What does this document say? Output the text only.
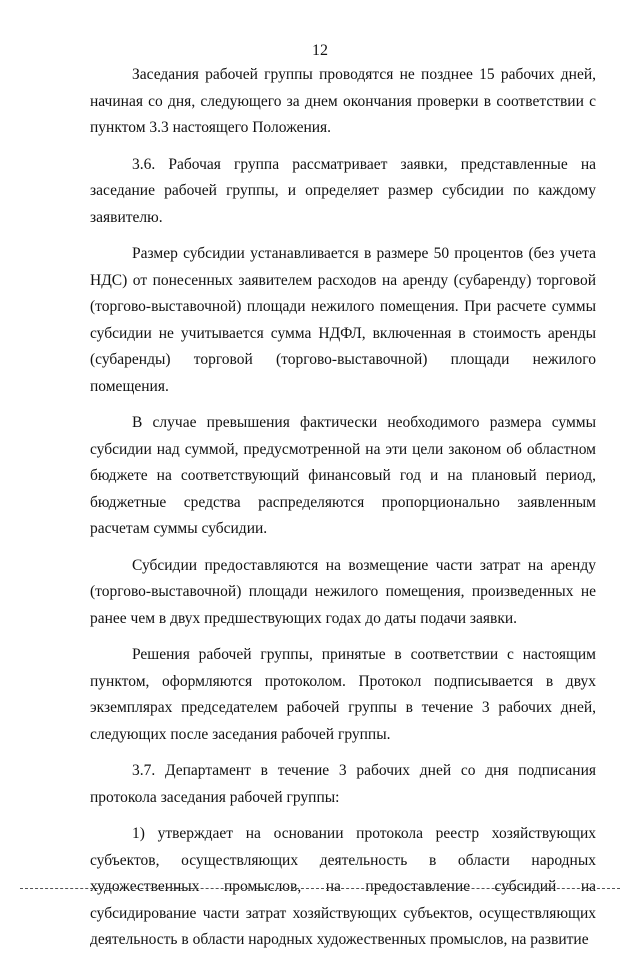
12

Заседания рабочей группы проводятся не позднее 15 рабочих дней, начиная со дня, следующего за днем окончания проверки в соответствии с пунктом 3.3 настоящего Положения.

3.6. Рабочая группа рассматривает заявки, представленные на заседание рабочей группы, и определяет размер субсидии по каждому заявителю.

Размер субсидии устанавливается в размере 50 процентов (без учета НДС) от понесенных заявителем расходов на аренду (субаренду) торговой (торгово-выставочной) площади нежилого помещения. При расчете суммы субсидии не учитывается сумма НДФЛ, включенная в стоимость аренды (субаренды) торговой (торгово-выставочной) площади нежилого помещения.

В случае превышения фактически необходимого размера суммы субсидии над суммой, предусмотренной на эти цели законом об областном бюджете на соответствующий финансовый год и на плановый период, бюджетные средства распределяются пропорционально заявленным расчетам суммы субсидии.

Субсидии предоставляются на возмещение части затрат на аренду (торгово-выставочной) площади нежилого помещения, произведенных не ранее чем в двух предшествующих годах до даты подачи заявки.

Решения рабочей группы, принятые в соответствии с настоящим пунктом, оформляются протоколом. Протокол подписывается в двух экземплярах председателем рабочей группы в течение 3 рабочих дней, следующих после заседания рабочей группы.

3.7. Департамент в течение 3 рабочих дней со дня подписания протокола заседания рабочей группы:

1) утверждает на основании протокола реестр хозяйствующих субъектов, осуществляющих деятельность в области народных художественных промыслов, на предоставление субсидий на субсидирование части затрат хозяйствующих субъектов, осуществляющих деятельность в области народных художественных промыслов, на развитие
